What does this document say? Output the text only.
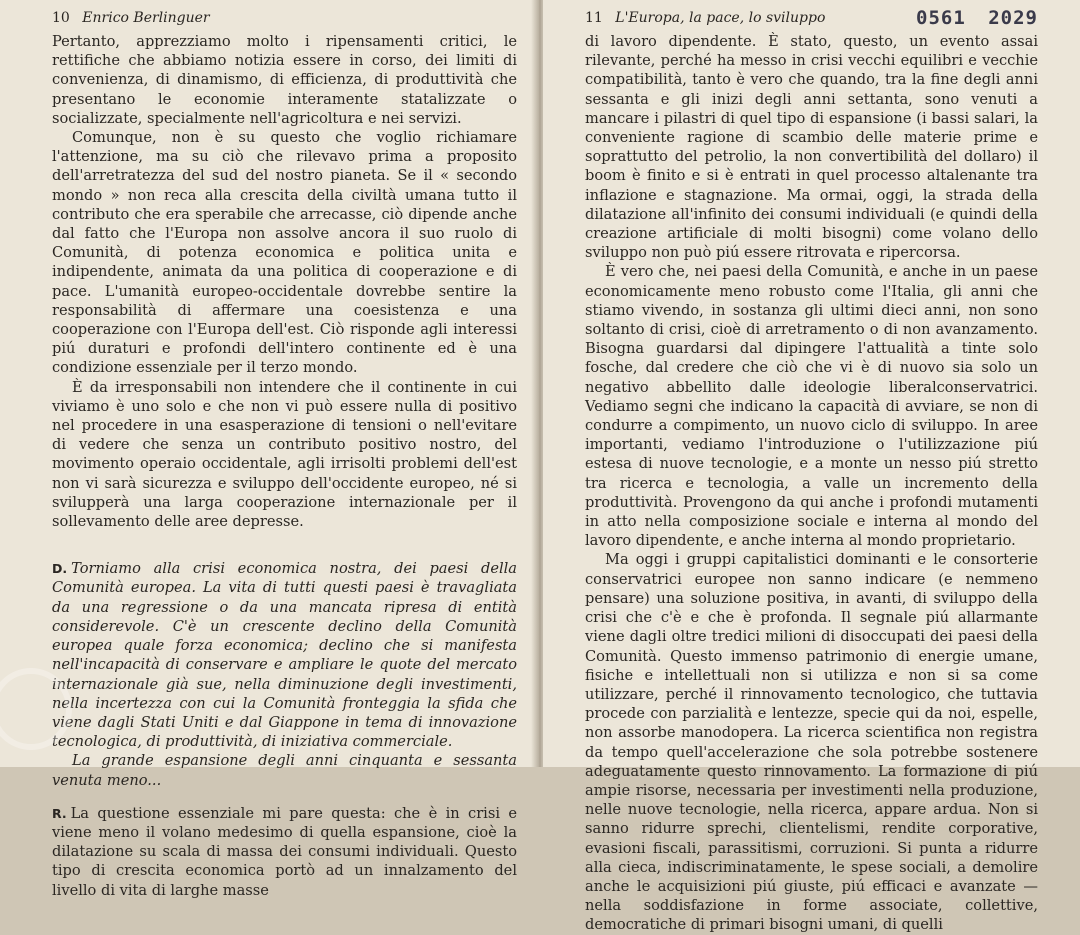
10 Enrico Berlinguer

Pertanto, apprezziamo molto i ripensamenti critici, le rettifiche che abbiamo notizia essere in corso, dei limiti di convenienza, di dinamismo, di efficienza, di produttività che presentano le economie interamente statalizzate o socializzate, specialmente nell'agricoltura e nei servizi.

Comunque, non è su questo che voglio richiamare l'attenzione, ma su ciò che rilevavo prima a proposito dell'arretratezza del sud del nostro pianeta. Se il « secondo mondo » non reca alla crescita della civiltà umana tutto il contributo che era sperabile che arrecasse, ciò dipende anche dal fatto che l'Europa non assolve ancora il suo ruolo di Comunità, di potenza economica e politica unita e indipendente, animata da una politica di cooperazione e di pace. L'umanità europeo-occidentale dovrebbe sentire la responsabilità di affermare una coesistenza e una cooperazione con l'Europa dell'est. Ciò risponde agli interessi piú duraturi e profondi dell'intero continente ed è una condizione essenziale per il terzo mondo.

È da irresponsabili non intendere che il continente in cui viviamo è uno solo e che non vi può essere nulla di positivo nel procedere in una esasperazione di tensioni o nell'evitare di vedere che senza un contributo positivo nostro, del movimento operaio occidentale, agli irrisolti problemi dell'est non vi sarà sicurezza e sviluppo dell'occidente europeo, né si svilupperà una larga cooperazione internazionale per il sollevamento delle aree depresse.

D. Torniamo alla crisi economica nostra, dei paesi della Comunità europea. La vita di tutti questi paesi è travagliata da una regressione o da una mancata ripresa di entità considerevole. C'è un crescente declino della Comunità europea quale forza economica; declino che si manifesta nell'incapacità di conservare e ampliare le quote del mercato internazionale già sue, nella diminuzione degli investimenti, nella incertezza con cui la Comunità fronteggia la sfida che viene dagli Stati Uniti e dal Giappone in tema di innovazione tecnologica, di produttività, di iniziativa commerciale.

La grande espansione degli anni cinquanta e sessanta venuta meno...

R. La questione essenziale mi pare questa: che è in crisi e viene meno il volano medesimo di quella espansione, cioè la dilatazione su scala di massa dei consumi individuali. Questo tipo di crescita economica portò ad un innalzamento del livello di vita di larghe masse

11 L'Europa, la pace, lo sviluppo	0561 2029

di lavoro dipendente. È stato, questo, un evento assai rilevante, perché ha messo in crisi vecchi equilibri e vecchie compatibilità, tanto è vero che quando, tra la fine degli anni sessanta e gli inizi degli anni settanta, sono venuti a mancare i pilastri di quel tipo di espansione (i bassi salari, la conveniente ragione di scambio delle materie prime e soprattutto del petrolio, la non convertibilità del dollaro) il boom è finito e si è entrati in quel processo altalenante tra inflazione e stagnazione. Ma ormai, oggi, la strada della dilatazione all'infinito dei consumi individuali (e quindi della creazione artificiale di molti bisogni) come volano dello sviluppo non può piú essere ritrovata e ripercorsa.

È vero che, nei paesi della Comunità, e anche in un paese economicamente meno robusto come l'Italia, gli anni che stiamo vivendo, in sostanza gli ultimi dieci anni, non sono soltanto di crisi, cioè di arretramento o di non avanzamento. Bisogna guardarsi dal dipingere l'attualità a tinte solo fosche, dal credere che ciò che vi è di nuovo sia solo un negativo abbellito dalle ideologie liberalconservatrici. Vediamo segni che indicano la capacità di avviare, se non di condurre a compimento, un nuovo ciclo di sviluppo. In aree importanti, vediamo l'introduzione o l'utilizzazione piú estesa di nuove tecnologie, e a monte un nesso piú stretto tra ricerca e tecnologia, a valle un incremento della produttività. Provengono da qui anche i profondi mutamenti in atto nella composizione sociale e interna al mondo del lavoro dipendente, e anche interna al mondo proprietario.

Ma oggi i gruppi capitalistici dominanti e le consorterie conservatrici europee non sanno indicare (e nemmeno pensare) una soluzione positiva, in avanti, di sviluppo della crisi che c'è e che è profonda. Il segnale piú allarmante viene dagli oltre tredici milioni di disoccupati dei paesi della Comunità. Questo immenso patrimonio di energie umane, fisiche e intellettuali non si utilizza e non si sa come utilizzare, perché il rinnovamento tecnologico, che tuttavia procede con parzialità e lentezze, specie qui da noi, espelle, non assorbe manodopera. La ricerca scientifica non registra da tempo quell'accelerazione che sola potrebbe sostenere adeguatamente questo rinnovamento. La formazione di piú ampie risorse, necessaria per investimenti nella produzione, nelle nuove tecnologie, nella ricerca, appare ardua. Non si sanno ridurre sprechi, clientelismi, rendite corporative, evasioni fiscali, parassitismi, corruzioni. Si punta a ridurre alla cieca, indiscriminatamente, le spese sociali, a demolire anche le acquisizioni piú giuste, piú efficaci e avanzate — nella soddisfazione in forme associate, collettive, democratiche di primari bisogni umani, di quelli
